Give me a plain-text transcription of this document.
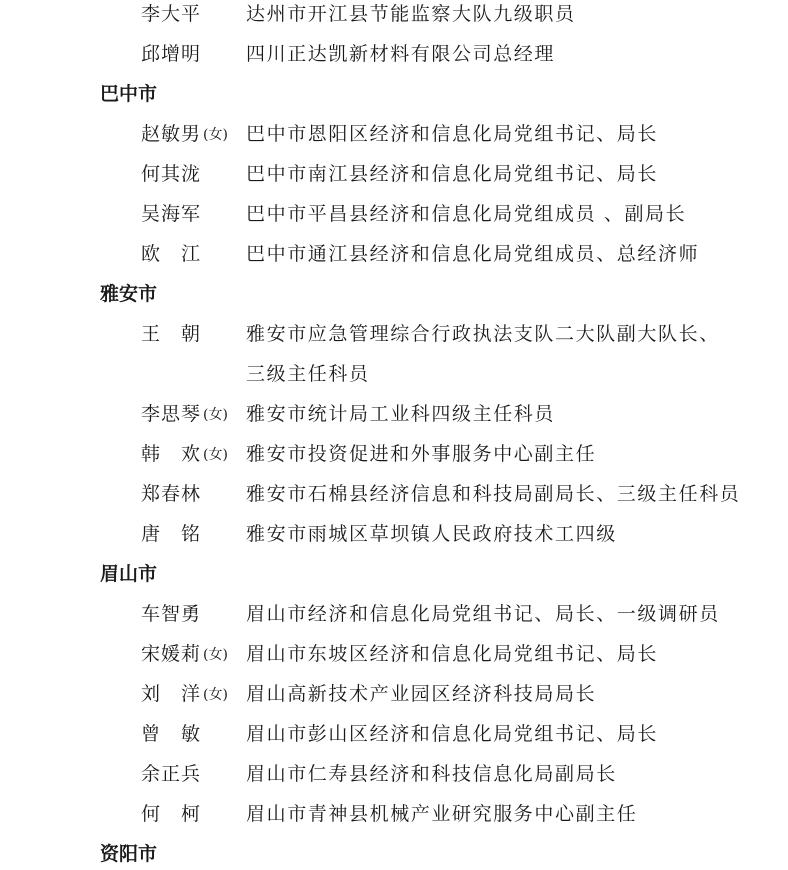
李大平 达州市开江县节能监察大队九级职员
邱增明 四川正达凯新材料有限公司总经理
巴中市
赵敏男 (女) 巴中市恩阳区经济和信息化局党组书记、局长
何其泷 巴中市南江县经济和信息化局党组书记、局长
吴海军 巴中市平昌县经济和信息化局党组成员 、副局长
欧 江 巴中市通江县经济和信息化局党组成员、总经济师
雅安市
王 朝 雅安市应急管理综合行政执法支队二大队副大队长、
三级主任科员
李思琴 (女) 雅安市统计局工业科四级主任科员
韩 欢 (女) 雅安市投资促进和外事服务中心副主任
郑春林 雅安市石棉县经济信息和科技局副局长、三级主任科员
唐 铭 雅安市雨城区草坝镇人民政府技术工四级
眉山市
车智勇 眉山市经济和信息化局党组书记、局长、一级调研员
宋媛莉 (女) 眉山市东坡区经济和信息化局党组书记、局长
刘 洋 (女) 眉山高新技术产业园区经济科技局局长
曾 敏 眉山市彭山区经济和信息化局党组书记、局长
余正兵 眉山市仁寿县经济和科技信息化局副局长
何 柯 眉山市青神县机械产业研究服务中心副主任
资阳市
